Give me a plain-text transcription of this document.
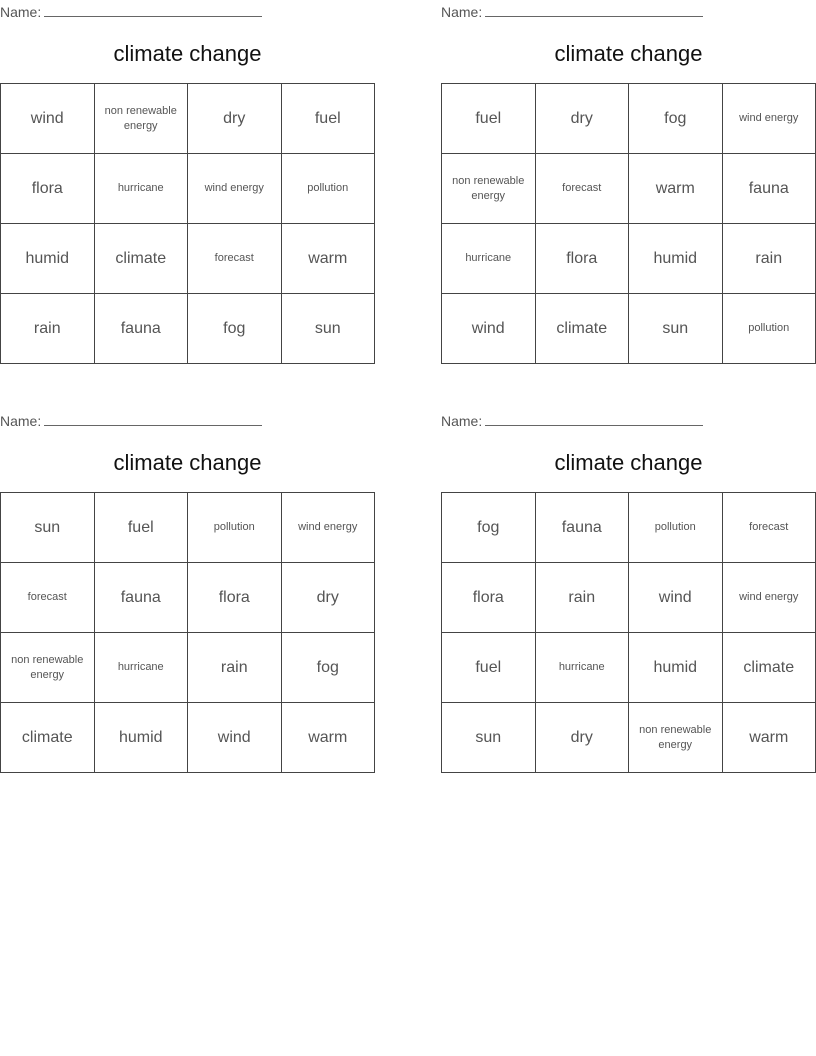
Name:
climate change
wind	non renewable energy	dry	fuel
flora	hurricane	wind energy	pollution
humid	climate	forecast	warm
rain	fauna	fog	sun
Name:
climate change
fuel	dry	fog	wind energy
non renewable energy	forecast	warm	fauna
hurricane	flora	humid	rain
wind	climate	sun	pollution
Name:
climate change
sun	fuel	pollution	wind energy
forecast	fauna	flora	dry
non renewable energy	hurricane	rain	fog
climate	humid	wind	warm
Name:
climate change
fog	fauna	pollution	forecast
flora	rain	wind	wind energy
fuel	hurricane	humid	climate
sun	dry	non renewable energy	warm
